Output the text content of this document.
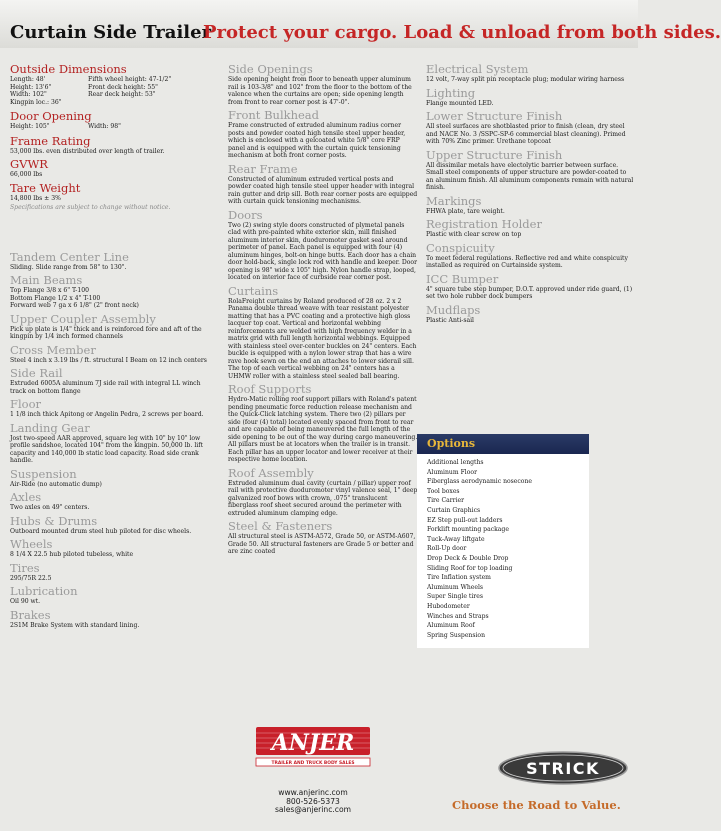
Curtain Side Trailer
Protect your cargo. Load & unload from both sides.

Outside Dimensions

Length: 48'	Fifth wheel height: 47-1/2"
Height: 13'6"	Front deck height: 55"
Width: 102"	Rear deck height: 53"
Kingpin loc.: 36"

Door Opening

Height: 105"	Width: 98"

Frame Rating

53,000 lbs. even distributed over length of trailer.

GVWR

66,000 lbs

Tare Weight

14,800 lbs ± 3%

Specifications are subject to change without notice.

Tandem Center Line

Sliding. Slide range from 58" to 130".

Main Beams

Top Flange 3/8 x 6" T-100

Bottom Flange 1/2 x 4" T-100

Forward web 7 ga x 6 1/8" (2" front neck)

Upper Coupler Assembly

Pick up plate is 1/4" thick and is reinforced fore and aft of the kingpin by 1/4 inch formed channels

Cross Member

Steel 4 inch x 3.19 lbs / ft. structural I Beam on 12 inch centers

Side Rail

Extruded 6005A aluminum 7J side rail with integral LL winch track on bottom flange

Floor

1 1/8 inch thick Apitong or Angelin Pedra, 2 screws per board.

Landing Gear

Jost two-speed AAR approved, square leg with 10" by 10" low profile sandshoe, located 104" from the kingpin. 50,000 lb. lift capacity and 140,000 lb static load capacity. Road side crank handle.

Suspension

Air-Ride (no automatic dump)

Axles

Two axles on 49" centers.

Hubs & Drums

Outboard mounted drum steel hub piloted for disc wheels.

Wheels

8 1/4 X 22.5 hub piloted tubeless, white

Tires

295/75R 22.5

Lubrication

Oil 90 wt.

Brakes

2S1M Brake System with standard lining.

Side Openings

Side opening height from floor to beneath upper aluminum rail is 103-3/8" and 102" from the floor to the bottom of the valence when the curtains are open; side opening length from front to rear corner post is 47'-0".

Front Bulkhead

Frame constructed of extruded aluminum radius corner posts and powder coated high tensile steel upper header, which is enclosed with a gelcoated white 5/8" core FRP panel and is equipped with the curtain quick tensioning mechanism at both front corner posts.

Rear Frame

Constructed of aluminum extruded vertical posts and powder coated high tensile steel upper header with integral rain gutter and drip sill. Both rear corner posts are equipped with curtain quick tensioning mechanisms.

Doors

Two (2) swing style doors constructed of plymetal panels clad with pre-painted white exterior skin, mill finished aluminum interior skin, duoduromoter gasket seal around perimeter of panel. Each panel is equipped with four (4) aluminum hinges, bolt-on hinge butts. Each door has a chain door hold-back, single lock rod with handle and keeper. Door opening is 98" wide x 105" high. Nylon handle strap, looped, located on interior face of curbside rear corner post.

Curtains

RolaFreight curtains by Roland produced of 28 oz. 2 x 2 Panama double thread weave with tear resistant polyester matting that has a PVC coating and a protective high gloss lacquer top coat. Vertical and horizontal webbing reinforcements are welded with high frequency welder in a matrix grid with full length horizontal webbings. Equipped with stainless steel over-center buckles on 24" centers. Each buckle is equipped with a nylon lower strap that has a wire rave hook sewn on the end an attaches to lower siderail sill. The top of each vertical webbing on 24" centers has a UHMW roller with a stainless steel sealed ball bearing.

Roof Supports

Hydro-Matic rolling roof support pillars with Roland's patent pending pneumatic force reduction release mechanism and the Quick-Click latching system. There two (2) pillars per side (four (4) total) located evenly spaced from front to rear and are capable of being maneuvered the full length of the side opening to be out of the way during cargo maneuvering. All pillars must be at locators when the trailer is in transit. Each pillar has an upper locator and lower receiver at their respective home location.

Roof Assembly

Extruded aluminum dual cavity (curtain / pillar) upper roof rail with protective duoduromoter vinyl valence seal, 1" deep galvanized roof bows with crown, .075" translucent fiberglass roof sheet secured around the perimeter with extruded aluminum clamping edge.

Steel & Fasteners

All structural steel is ASTM-A572, Grade 50, or ASTM-A607, Grade 50. All structural fasteners are Grade 5 or better and are zinc coated

Electrical System

12 volt, 7-way split pin receptacle plug; modular wiring harness

Lighting

Flange mounted LED.

Lower Structure Finish

All steel surfaces are shotblasted prior to finish (clean, dry steel and NACE No. 3 /SSPC-SP-6 commercial blast cleaning). Primed with 70% Zinc primer. Urethane topcoat

Upper Structure Finish

All dissimilar metals have electolytic barrier between surface. Small steel components of upper structure are powder-coated to an aluminum finish. All aluminum components remain with natural finish.

Markings

FHWA plate, tare weight.

Registration Holder

Plastic with clear screw on top

Conspicuity

To meet federal regulations. Reflective red and white conspicuity installed as required on Curtainside system.

ICC Bumper

4" square tube step bumper, D.O.T. approved under ride guard, (1) set two hole rubber dock bumpers

Mudflaps

Plastic Anti-sail

Options

Additional lengths

Aluminum Floor

Fiberglass aerodynamic nosecone

Tool boxes

Tire Carrier

Curtain Graphics

EZ Step pull-out ladders

Forklift mounting package

Tuck-Away liftgate

Roll-Up door

Drop Deck & Double Drop

Sliding Roof for top loading

Tire Inflation system

Aluminum Wheels

Super Single tires

Hubodometer

Winches and Straps

Aluminum Roof

Spring Suspension

ANJER
TRAILER AND TRUCK BODY SALES

www.anjerinc.com

800-526-5373

sales@anjerinc.com

STRICK
Choose the Road to Value.
